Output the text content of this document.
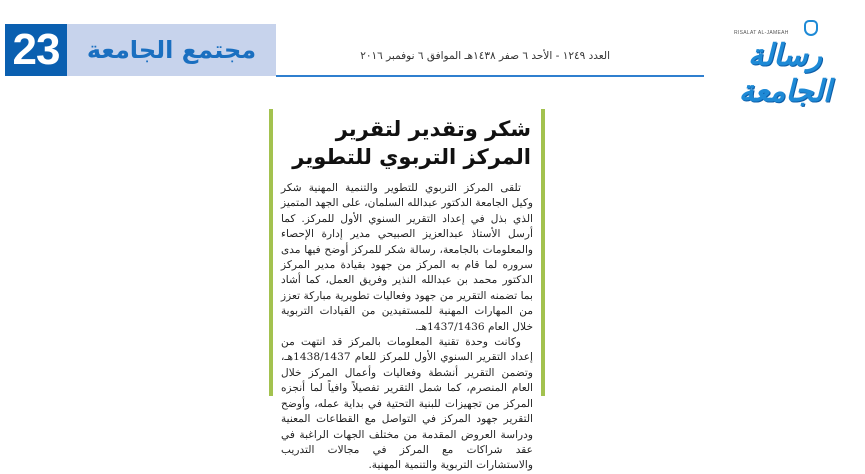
23	مجتمع الجامعة	العدد ١٢٤٩ - الأحد ٦ صفر ١٤٣٨هـ الموافق ٦ نوفمبر ٢٠١٦
RISALAT AL-JAMEAH
رسالة الجامعة
شكر وتقدير لتقرير المركز التربوي للتطوير

تلقى المركز التربوي للتطوير والتنمية المهنية شكر وكيل الجامعة الدكتور عبدالله السلمان، على الجهد المتميز الذي بذل في إعداد التقرير السنوي الأول للمركز. كما أرسل الأستاذ عبدالعزيز الصبيحي مدير إدارة الإحصاء والمعلومات بالجامعة، رسالة شكر للمركز أوضح فيها مدى سروره لما قام به المركز من جهود بقيادة مدير المركز الدكتور محمد بن عبدالله النذير وفريق العمل، كما أشاد بما تضمنه التقرير من جهود وفعاليات تطويرية مباركة تعزز من المهارات المهنية للمستفيدين من القيادات التربوية خلال العام 1437/1436هـ.

وكانت وحدة تقنية المعلومات بالمركز قد انتهت من إعداد التقرير السنوي الأول للمركز للعام 1438/1437هـ، وتضمن التقرير أنشطة وفعاليات وأعمال المركز خلال العام المنصرم، كما شمل التقرير تفصيلاً وافياً لما أنجزه المركز من تجهيزات للبنية التحتية في بداية عمله، وأوضح التقرير جهود المركز في التواصل مع القطاعات المعنية ودراسة العروض المقدمة من مختلف الجهات الراغبة في عقد شراكات مع المركز في مجالات التدريب والاستشارات التربوية والتنمية المهنية.
